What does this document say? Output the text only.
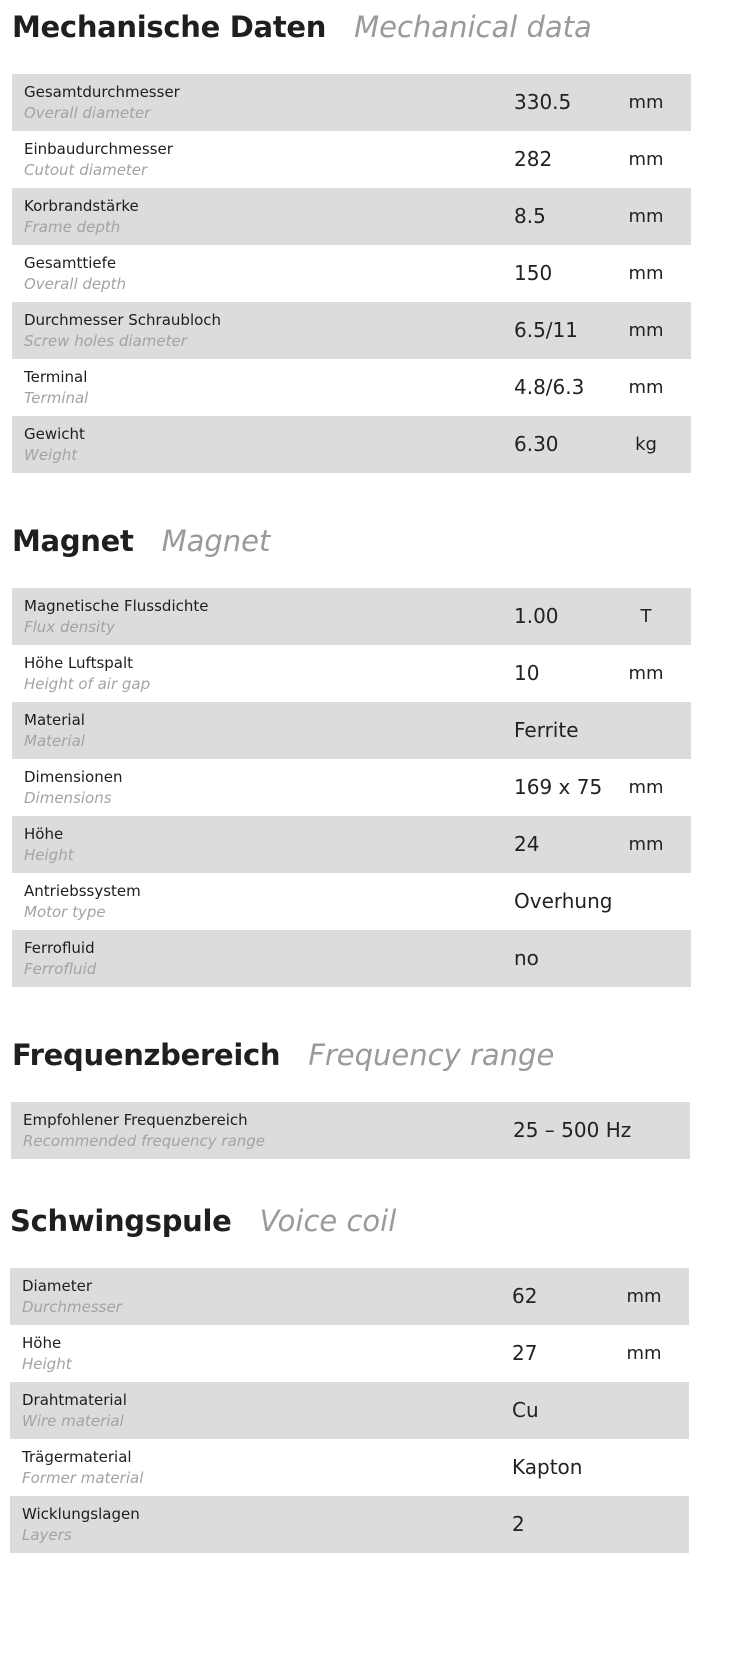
Mechanische Daten Mechanical data
Gesamtdurchmesser
Overall diameter	330.5	mm
Einbaudurchmesser
Cutout diameter	282	mm
Korbrandstärke
Frame depth	8.5	mm
Gesamttiefe
Overall depth	150	mm
Durchmesser Schraubloch
Screw holes diameter	6.5/11	mm
Terminal
Terminal	4.8/6.3	mm
Gewicht
Weight	6.30	kg
Magnet Magnet
Magnetische Flussdichte
Flux density	1.00	T
Höhe Luftspalt
Height of air gap	10	mm
Material
Material	Ferrite
Dimensionen
Dimensions	169 x 75	mm
Höhe
Height	24	mm
Antriebssystem
Motor type	Overhung
Ferrofluid
Ferrofluid	no
Frequenzbereich Frequency range
Empfohlener Frequenzbereich
Recommended frequency range	25 – 500 Hz
Schwingspule Voice coil
Diameter
Durchmesser	62	mm
Höhe
Height	27	mm
Drahtmaterial
Wire material	Cu
Trägermaterial
Former material	Kapton
Wicklungslagen
Layers	2
